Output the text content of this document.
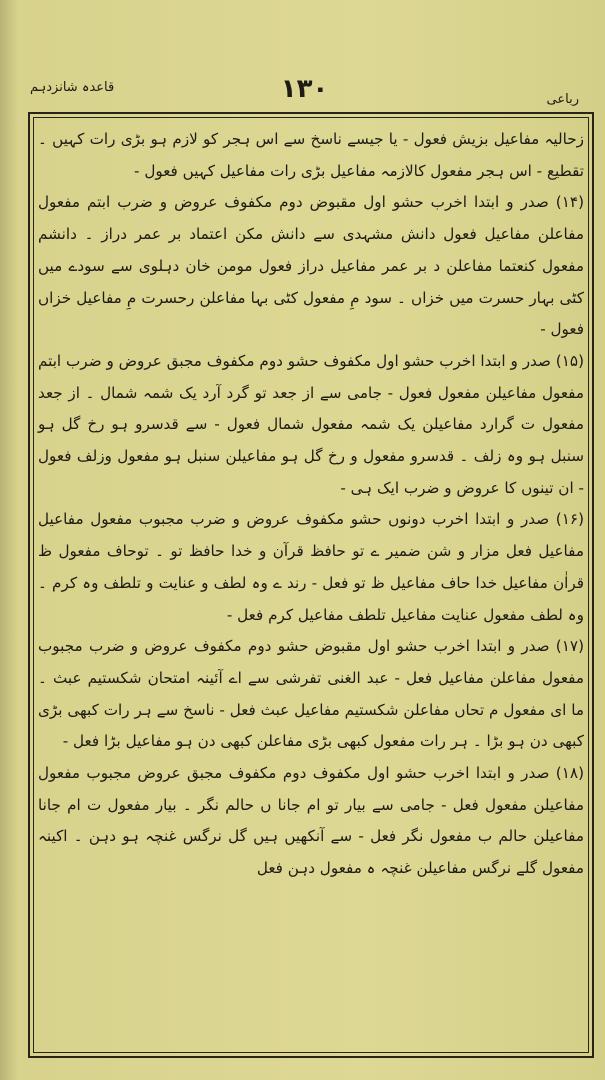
رباعی
۱۳۰
قاعدہ شانزدہم

زحالیہ مفاعیل بزیش فعول - یا جیسے ناسخ سے اس ہجر کو لازم ہو بڑی رات کہیں ۔ تقطیع - اس ہجر مفعول کالازمہ مفاعیل بڑی رات مفاعیل کہیں فعول -

(۱۴) صدر و ابتدا اخرب حشو اول مقبوض دوم مکفوف عروض و ضرب ابتم مفعول مفاعلن مفاعیل فعول دانش مشہدی سے دانش مکن اعتماد بر عمر دراز ۔ دانشم مفعول کنعتما مفاعلن د بر عمر مفاعیل دراز فعول مومن خان دہلوی سے سودے میں کٹی بہار حسرت میں خزاں ۔ سود مِ مفعول کٹی بہا مفاعلن رحسرت مِ مفاعیل خزاں فعول -

(۱۵) صدر و ابتدا اخرب حشو اول مکفوف حشو دوم مکفوف مجبق عروض و ضرب ابتم مفعول مفاعیلن مفعول فعول - جامی سے از جعد تو گرد آرد یک شمہ شمال ۔ از جعد مفعول ت گرارد مفاعیلن یک شمہ مفعول شمال فعول - سے قدسرو ہو رخ گل ہو سنبل ہو وہ زلف ۔ قدسرو مفعول و رخ گل ہو مفاعیلن سنبل ہو مفعول وزلف فعول - ان تینوں کا عروض و ضرب ایک ہی -

(۱۶) صدر و ابتدا اخرب دونوں حشو مکفوف عروض و ضرب مجبوب مفعول مفاعیل مفاعیل فعل مزار و شن ضمیر ے تو حافظ قرآن و خدا حافظ تو ۔ توحاف مفعول ظ قراٰن مفاعیل خدا حاف مفاعیل ظ تو فعل - رند ے وہ لطف و عنایت و تلطف وہ کرم ۔ وہ لطف مفعول عنایت مفاعیل تلطف مفاعیل کرم فعل -

(۱۷) صدر و ابتدا اخرب حشو اول مقبوض حشو دوم مکفوف عروض و ضرب مجبوب مفعول مفاعلن مفاعیل فعل - عبد الغنی تفرشی سے اے آئینہ امتحان شکستیم عبث ۔ ما ای مفعول م تحاں مفاعلن شکستیم مفاعیل عبث فعل - ناسخ سے ہر رات کبھی بڑی کبھی دن ہو بڑا ۔ ہر رات مفعول کبھی بڑی مفاعلن کبھی دن ہو مفاعیل بڑا فعل -

(۱۸) صدر و ابتدا اخرب حشو اول مکفوف دوم مکفوف مجبق عروض مجبوب مفعول مفاعیلن مفعول فعل - جامی سے بیار تو ام جانا ں حالم نگر ۔ بیار مفعول ت ام جانا مفاعیلن حالم ب مفعول نگر فعل - سے آنکھیں ہیں گل نرگس غنچہ ہو دہن ۔ اکینہ مفعول گلے نرگس مفاعیلن غنچہ ہ مفعول دہن فعل
